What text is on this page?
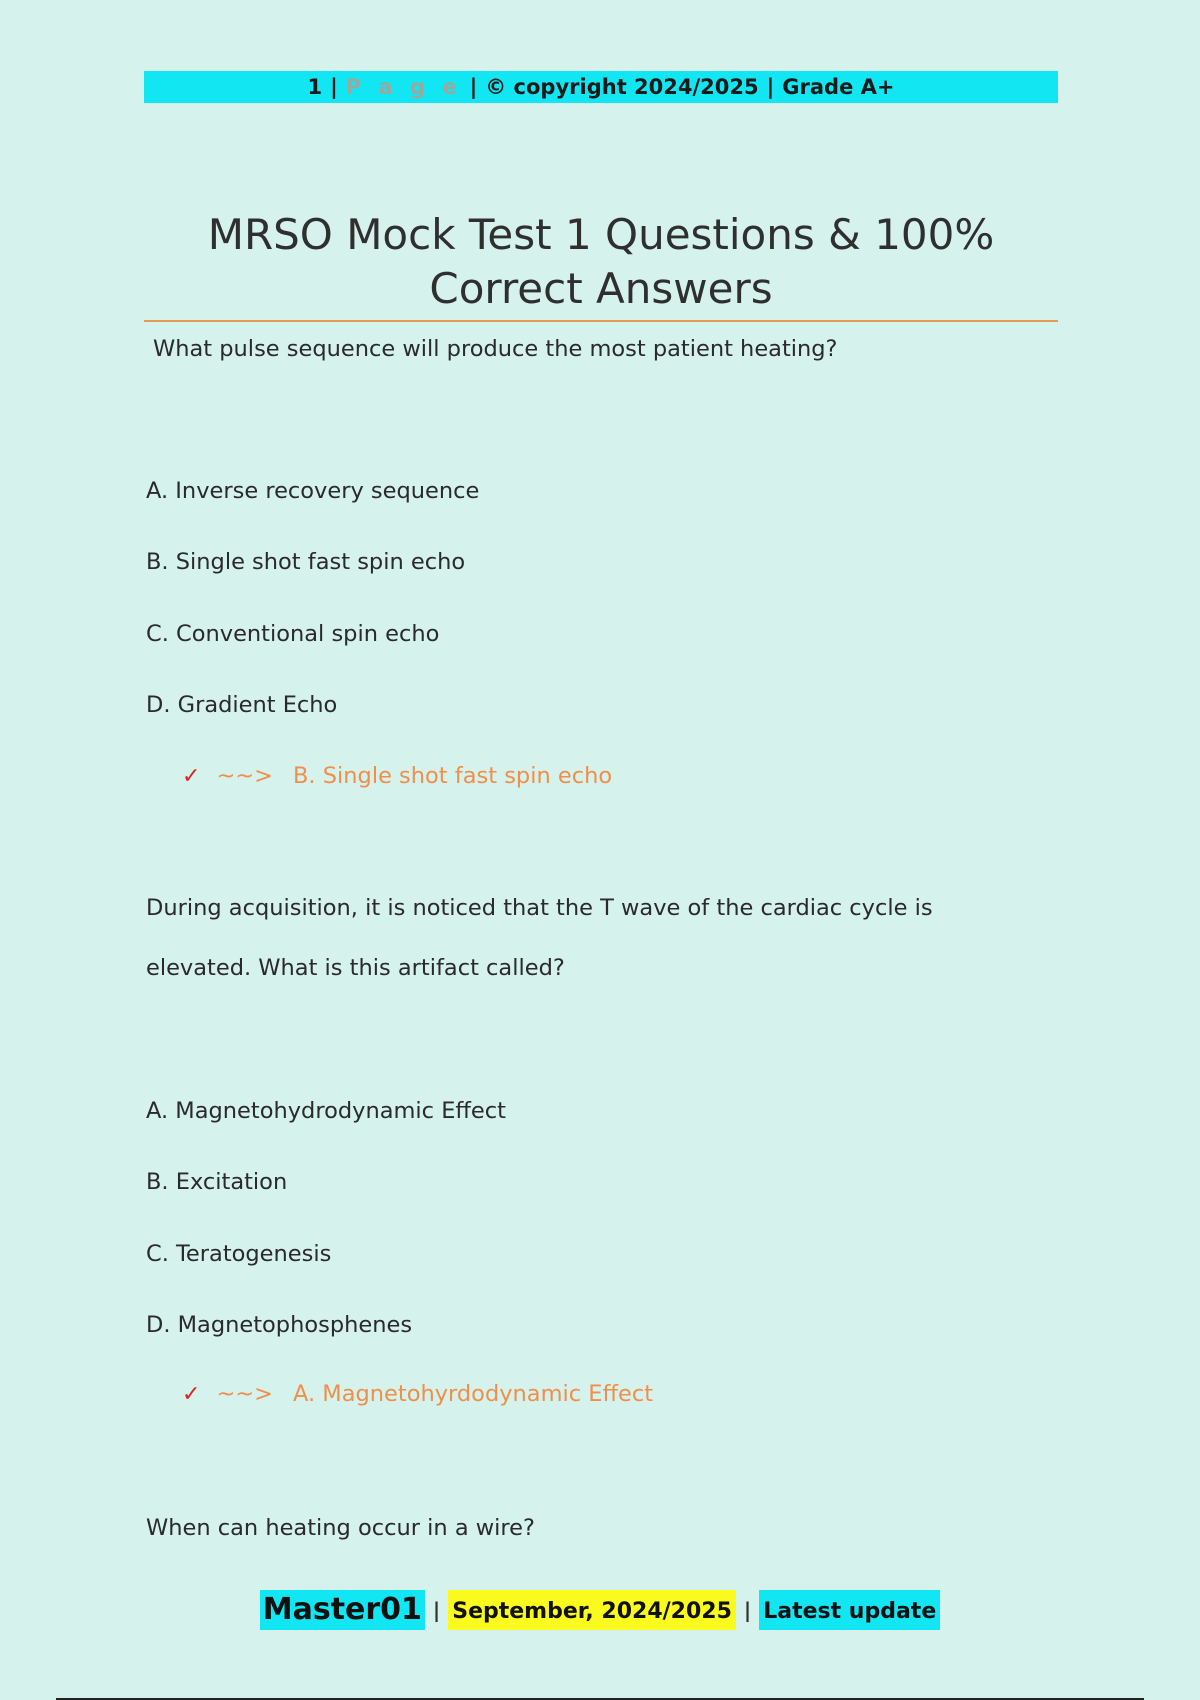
1 | P a g e | © copyright 2024/2025 | Grade A+
MRSO Mock Test 1 Questions & 100%
Correct Answers
What pulse sequence will produce the most patient heating?
A. Inverse recovery sequence
B. Single shot fast spin echo
C. Conventional spin echo
D. Gradient Echo
✓ ~~> B. Single shot fast spin echo
During acquisition, it is noticed that the T wave of the cardiac cycle is
elevated. What is this artifact called?
A. Magnetohydrodynamic Effect
B. Excitation
C. Teratogenesis
D. Magnetophosphenes
✓ ~~> A. Magnetohyrdodynamic Effect
When can heating occur in a wire?
Master01 | September, 2024/2025 | Latest update
